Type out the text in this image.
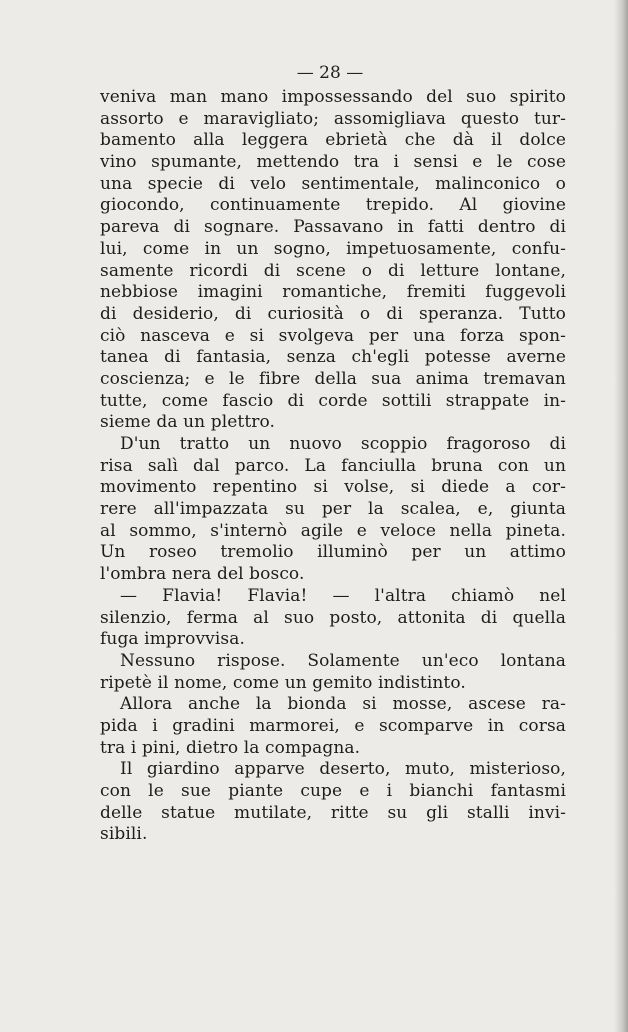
— 28 —
veniva man mano impossessando del suo spirito
assorto e maravigliato; assomigliava questo tur-
bamento alla leggera ebrietà che dà il dolce
vino spumante, mettendo tra i sensi e le cose
una specie di velo sentimentale, malinconico o
giocondo, continuamente trepido. Al giovine
pareva di sognare. Passavano in fatti dentro di
lui, come in un sogno, impetuosamente, confu-
samente ricordi di scene o di letture lontane,
nebbiose imagini romantiche, fremiti fuggevoli
di desiderio, di curiosità o di speranza. Tutto
ciò nasceva e si svolgeva per una forza spon-
tanea di fantasia, senza ch'egli potesse averne
coscienza; e le fibre della sua anima tremavan
tutte, come fascio di corde sottili strappate in-
sieme da un plettro.
D'un tratto un nuovo scoppio fragoroso di
risa salì dal parco. La fanciulla bruna con un
movimento repentino si volse, si diede a cor-
rere all'impazzata su per la scalea, e, giunta
al sommo, s'internò agile e veloce nella pineta.
Un roseo tremolio illuminò per un attimo
l'ombra nera del bosco.
— Flavia! Flavia! — l'altra chiamò nel
silenzio, ferma al suo posto, attonita di quella
fuga improvvisa.
Nessuno rispose. Solamente un'eco lontana
ripetè il nome, come un gemito indistinto.
Allora anche la bionda si mosse, ascese ra-
pida i gradini marmorei, e scomparve in corsa
tra i pini, dietro la compagna.
Il giardino apparve deserto, muto, misterioso,
con le sue piante cupe e i bianchi fantasmi
delle statue mutilate, ritte su gli stalli invi-
sibili.
